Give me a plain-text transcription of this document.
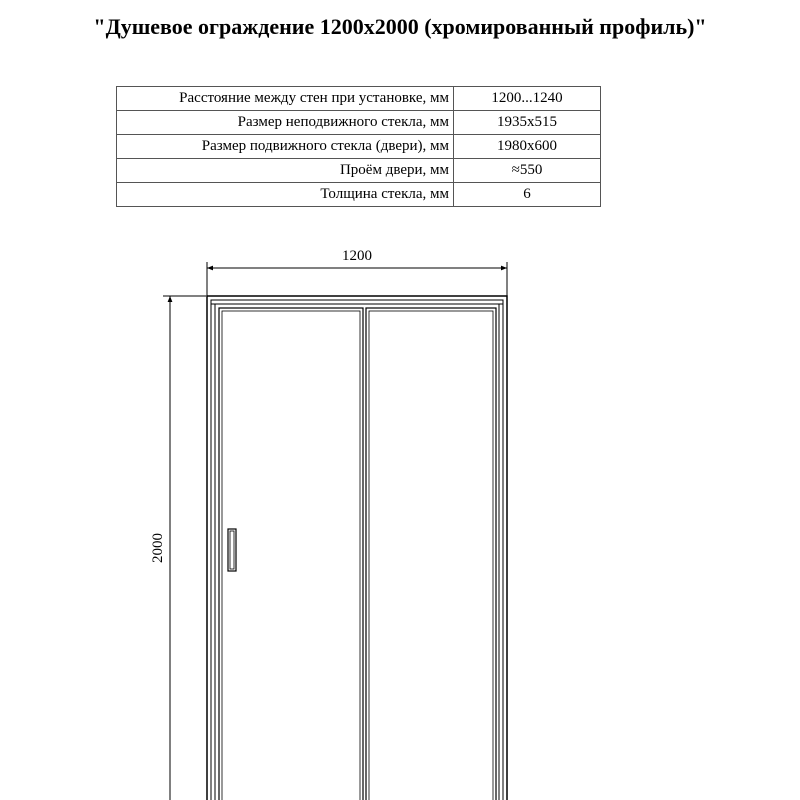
"Душевое ограждение 1200x2000 (хромированный профиль)"
Расстояние между стен при установке, мм	1200...1240
Размер неподвижного стекла, мм	1935x515
Размер подвижного стекла (двери), мм	1980x600
Проём двери, мм	≈550
Толщина стекла, мм	6
1200
2000
